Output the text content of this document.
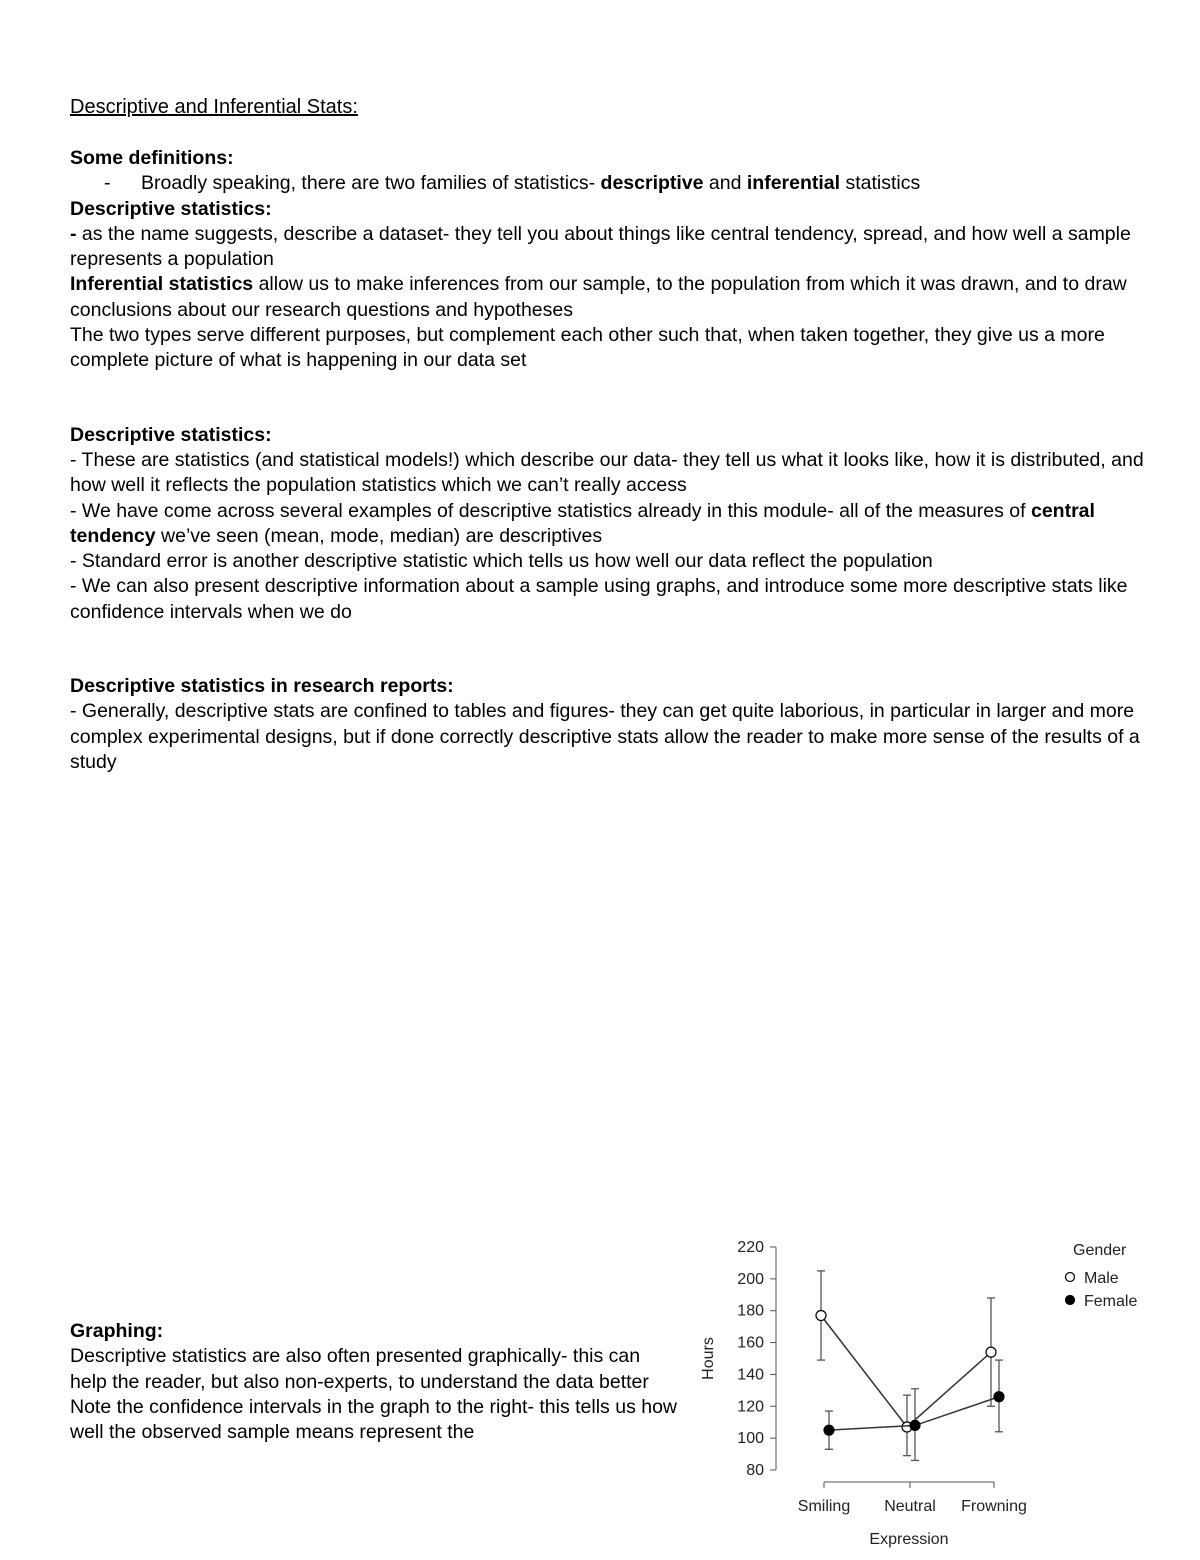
Descriptive and Inferential Stats:

Some definitions:

-	Broadly speaking, there are two families of statistics- descriptive and inferential statistics

Descriptive statistics:

- as the name suggests, describe a dataset- they tell you about things like central tendency, spread, and how well a sample represents a population

Inferential statistics allow us to make inferences from our sample, to the population from which it was drawn, and to draw conclusions about our research questions and hypotheses

The two types serve different purposes, but complement each other such that, when taken together, they give us a more complete picture of what is happening in our data set

Descriptive statistics:

- These are statistics (and statistical models!) which describe our data- they tell us what it looks like, how it is distributed, and how well it reflects the population statistics which we can’t really access

- We have come across several examples of descriptive statistics already in this module- all of the measures of central tendency we’ve seen (mean, mode, median) are descriptives

- Standard error is another descriptive statistic which tells us how well our data reflect the population

- We can also present descriptive information about a sample using graphs, and introduce some more descriptive stats like confidence intervals when we do

Descriptive statistics in research reports:

- Generally, descriptive stats are confined to tables and figures- they can get quite laborious, in particular in larger and more complex experimental designs, but if done correctly descriptive stats allow the reader to make more sense of the results of a study

Graphing:

Descriptive statistics are also often presented graphically- this can help the reader, but also non-experts, to understand the data better

Note the confidence intervals in the graph to the right- this tells us how well the observed sample means represent the

80
100
120
140
160
180
200
220
Hours
Smiling Neutral Frowning
Expression
Gender
Male
Female
